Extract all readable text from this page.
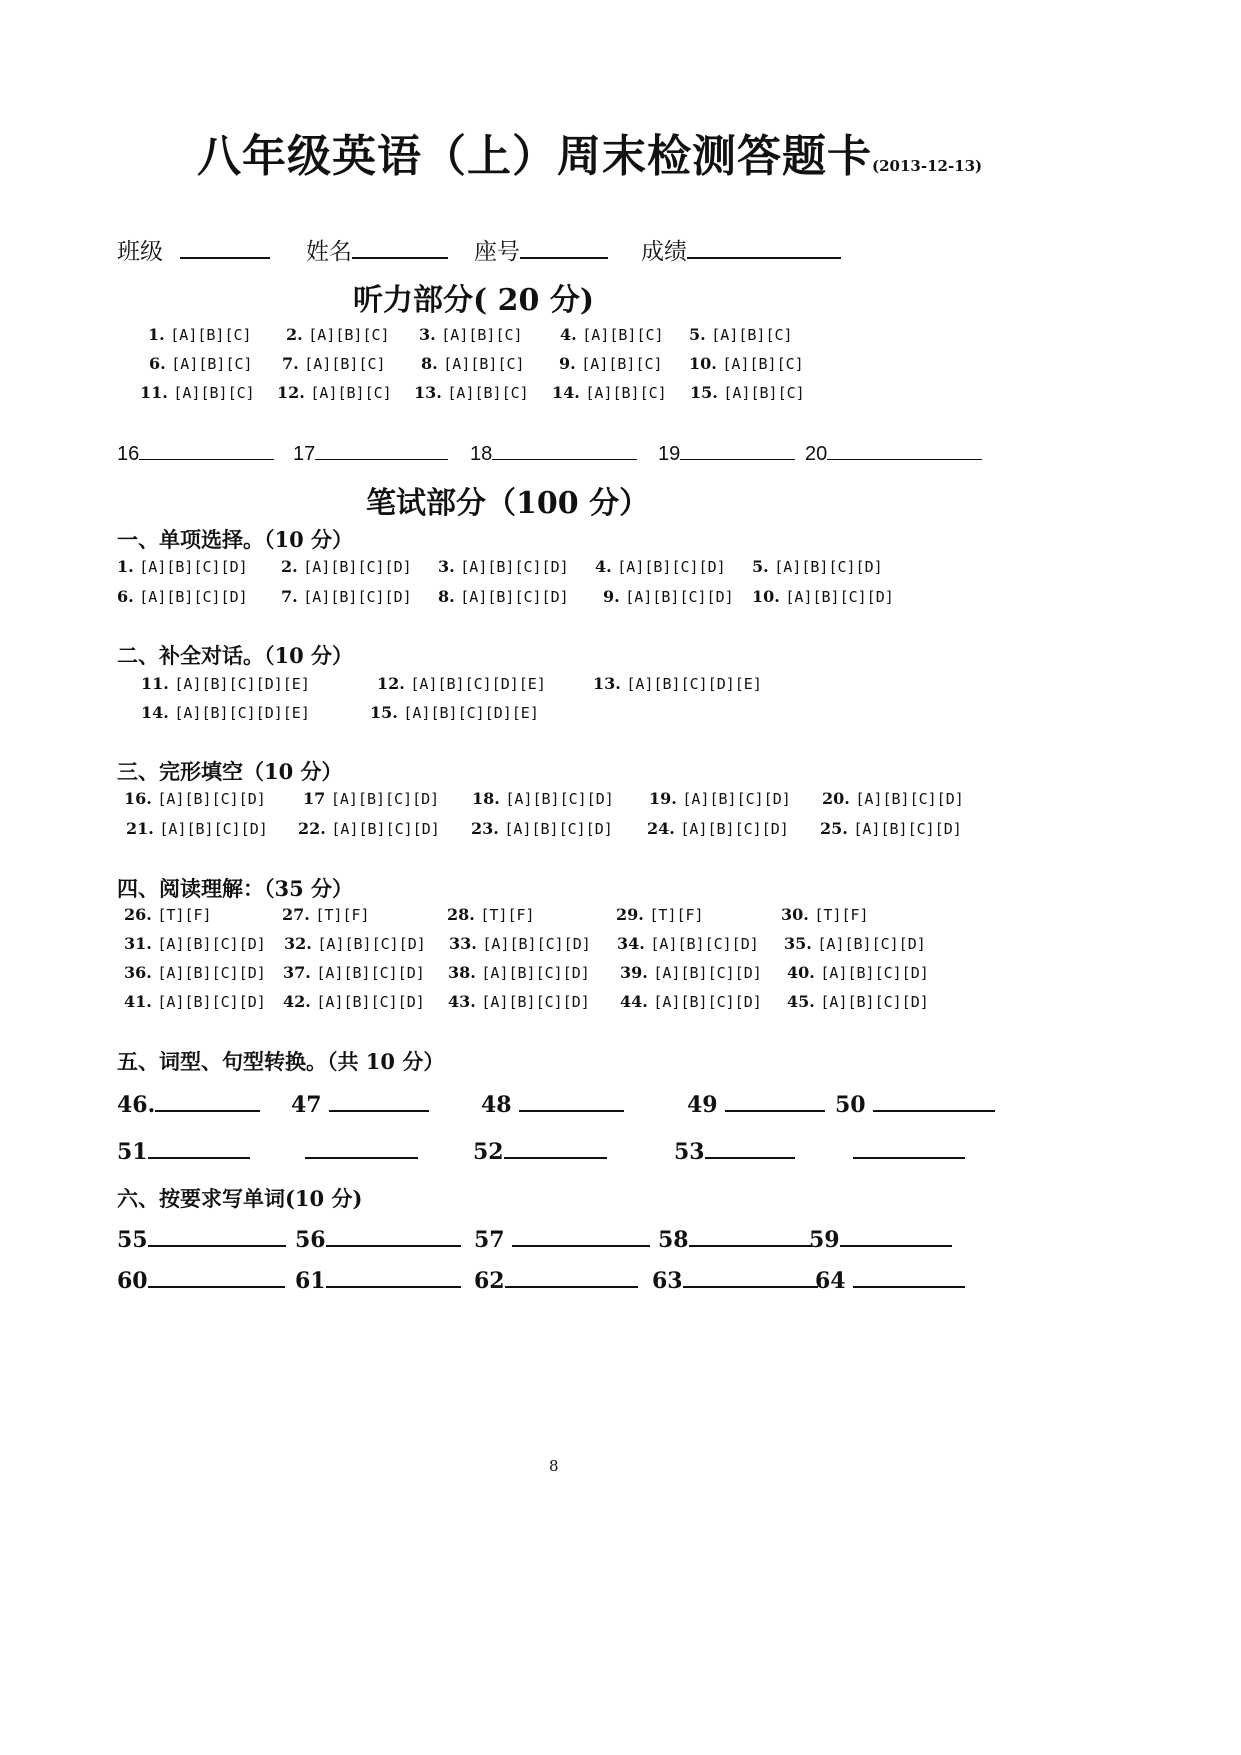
八年级英语（上）周末检测答题卡(2013-12-13)
班级	姓名	座号	成绩
听力部分( 20 分)
1. [A][B][C] 2. [A][B][C] 3. [A][B][C] 4. [A][B][C] 5. [A][B][C]
6. [A][B][C] 7. [A][B][C] 8. [A][B][C] 9. [A][B][C] 10. [A][B][C]
11. [A][B][C] 12. [A][B][C] 13. [A][B][C] 14. [A][B][C] 15. [A][B][C]
16	17	18	19	20
笔试部分（100 分）
一、单项选择。（10 分）
1. [A][B][C][D] 2. [A][B][C][D] 3. [A][B][C][D] 4. [A][B][C][D] 5. [A][B][C][D]
6. [A][B][C][D] 7. [A][B][C][D] 8. [A][B][C][D] 9. [A][B][C][D] 10. [A][B][C][D]
二、补全对话。（10 分）
11. [A][B][C][D][E]	12. [A][B][C][D][E]	13. [A][B][C][D][E]
14. [A][B][C][D][E]	15. [A][B][C][D][E]
三、完形填空（10 分）
16. [A][B][C][D] 17 [A][B][C][D] 18. [A][B][C][D] 19. [A][B][C][D] 20. [A][B][C][D]
21. [A][B][C][D] 22. [A][B][C][D] 23. [A][B][C][D] 24. [A][B][C][D] 25. [A][B][C][D]
四、阅读理解：（35 分）
26. [T][F]	27. [T][F]	28. [T][F]	29. [T][F]	30. [T][F]
31. [A][B][C][D] 32. [A][B][C][D] 33. [A][B][C][D] 34. [A][B][C][D] 35. [A][B][C][D]
36. [A][B][C][D] 37. [A][B][C][D] 38. [A][B][C][D] 39. [A][B][C][D] 40. [A][B][C][D]
41. [A][B][C][D] 42. [A][B][C][D] 43. [A][B][C][D] 44. [A][B][C][D] 45. [A][B][C][D]
五、词型、句型转换。（共 10 分）
46.	47	48	49	50
51	52	53
六、按要求写单词(10 分)
55	56	57	58	59
60	61	62	63	64
8
